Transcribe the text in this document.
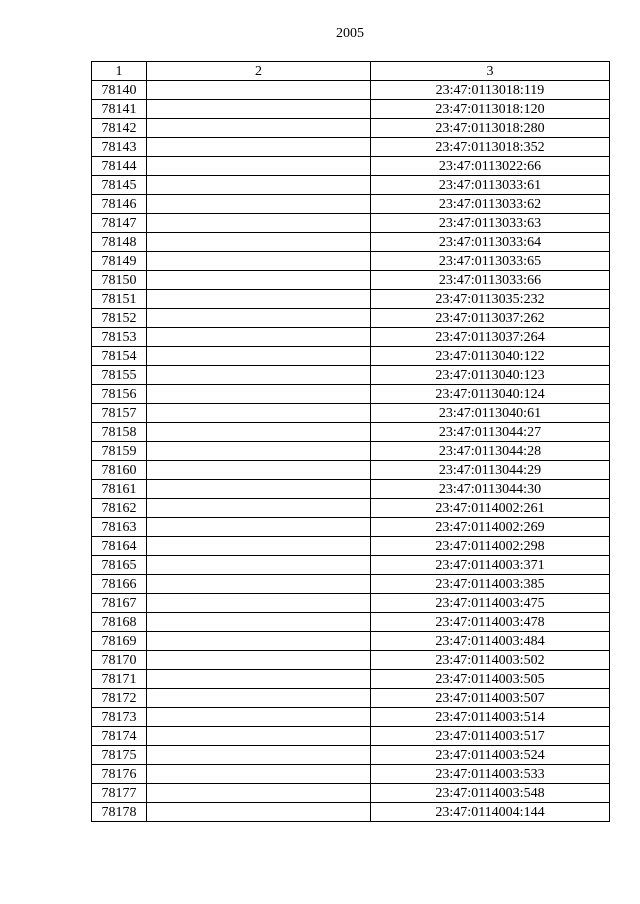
2005
1	2	3
78140		23:47:0113018:119
78141		23:47:0113018:120
78142		23:47:0113018:280
78143		23:47:0113018:352
78144		23:47:0113022:66
78145		23:47:0113033:61
78146		23:47:0113033:62
78147		23:47:0113033:63
78148		23:47:0113033:64
78149		23:47:0113033:65
78150		23:47:0113033:66
78151		23:47:0113035:232
78152		23:47:0113037:262
78153		23:47:0113037:264
78154		23:47:0113040:122
78155		23:47:0113040:123
78156		23:47:0113040:124
78157		23:47:0113040:61
78158		23:47:0113044:27
78159		23:47:0113044:28
78160		23:47:0113044:29
78161		23:47:0113044:30
78162		23:47:0114002:261
78163		23:47:0114002:269
78164		23:47:0114002:298
78165		23:47:0114003:371
78166		23:47:0114003:385
78167		23:47:0114003:475
78168		23:47:0114003:478
78169		23:47:0114003:484
78170		23:47:0114003:502
78171		23:47:0114003:505
78172		23:47:0114003:507
78173		23:47:0114003:514
78174		23:47:0114003:517
78175		23:47:0114003:524
78176		23:47:0114003:533
78177		23:47:0114003:548
78178		23:47:0114004:144
